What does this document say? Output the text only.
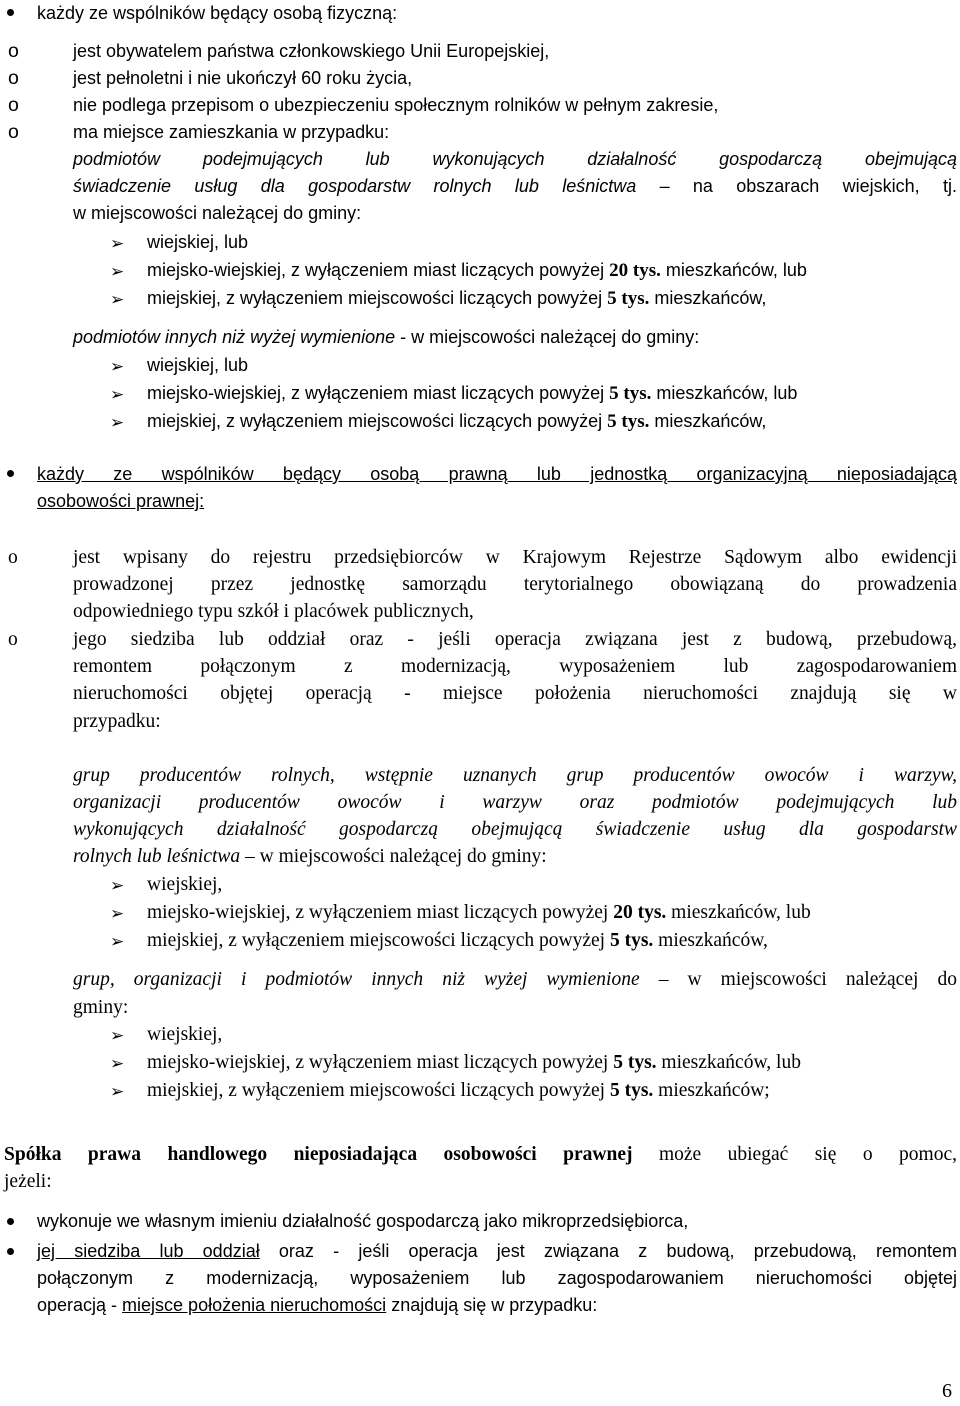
każdy ze wspólników będący osobą fizyczną:
o	jest obywatelem państwa członkowskiego Unii Europejskiej,
o	jest pełnoletni i nie ukończył 60 roku życia,
o	nie podlega przepisom o ubezpieczeniu społecznym rolników w pełnym zakresie,
o	ma miejsce zamieszkania w przypadku:
podmiotów podejmujących lub wykonujących działalność gospodarczą obejmującą
świadczenie usług dla gospodarstw rolnych lub leśnictwa – na obszarach wiejskich, tj.
w miejscowości należącej do gminy:
➢ wiejskiej, lub
➢ miejsko-wiejskiej, z wyłączeniem miast liczących powyżej 20 tys. mieszkańców, lub
➢ miejskiej, z wyłączeniem miejscowości liczących powyżej 5 tys. mieszkańców,
podmiotów innych niż wyżej wymienione - w miejscowości należącej do gminy:
➢ wiejskiej, lub
➢ miejsko-wiejskiej, z wyłączeniem miast liczących powyżej 5 tys. mieszkańców, lub
➢ miejskiej, z wyłączeniem miejscowości liczących powyżej 5 tys. mieszkańców,
każdy ze wspólników będący osobą prawną lub jednostką organizacyjną nieposiadającą
osobowości prawnej:
o	jest wpisany do rejestru przedsiębiorców w Krajowym Rejestrze Sądowym albo ewidencji
prowadzonej przez jednostkę samorządu terytorialnego obowiązaną do prowadzenia
odpowiedniego typu szkół i placówek publicznych,
o	jego siedziba lub oddział oraz - jeśli operacja związana jest z budową, przebudową,
remontem połączonym z modernizacją, wyposażeniem lub zagospodarowaniem
nieruchomości objętej operacją - miejsce położenia nieruchomości znajdują się w
przypadku:
grup producentów rolnych, wstępnie uznanych grup producentów owoców i warzyw,
organizacji producentów owoców i warzyw oraz podmiotów podejmujących lub
wykonujących działalność gospodarczą obejmującą świadczenie usług dla gospodarstw
rolnych lub leśnictwa – w miejscowości należącej do gminy:
➢ wiejskiej,
➢ miejsko-wiejskiej, z wyłączeniem miast liczących powyżej 20 tys. mieszkańców, lub
➢ miejskiej, z wyłączeniem miejscowości liczących powyżej 5 tys. mieszkańców,
grup, organizacji i podmiotów innych niż wyżej wymienione – w miejscowości należącej do
gminy:
➢ wiejskiej,
➢ miejsko-wiejskiej, z wyłączeniem miast liczących powyżej 5 tys. mieszkańców, lub
➢ miejskiej, z wyłączeniem miejscowości liczących powyżej 5 tys. mieszkańców;
Spółka prawa handlowego nieposiadająca osobowości prawnej może ubiegać się o pomoc,
jeżeli:
wykonuje we własnym imieniu działalność gospodarczą jako mikroprzedsiębiorca,
jej siedziba lub oddział oraz - jeśli operacja jest związana z budową, przebudową, remontem
połączonym z modernizacją, wyposażeniem lub zagospodarowaniem nieruchomości objętej
operacją - miejsce położenia nieruchomości znajdują się w przypadku:
6
